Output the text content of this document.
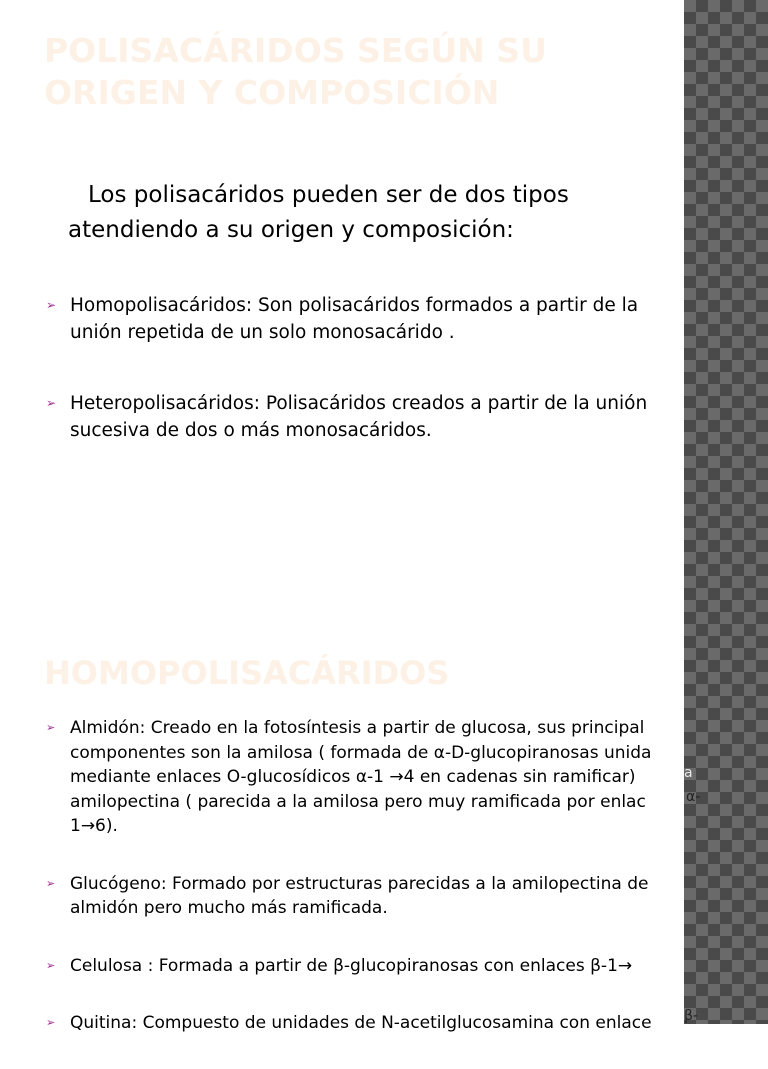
POLISACÁRIDOS SEGÚN SU ORIGEN Y COMPOSICIÓN

Los polisacáridos pueden ser de dos tipos atendiendo a su origen y composición:

➢ Homopolisacáridos: Son polisacáridos formados a partir de la unión repetida de un solo monosacárido .
➢ Heteropolisacáridos: Polisacáridos creados a partir de la unión sucesiva de dos o más monosacáridos.
HOMOPOLISACÁRIDOS
➢ Almidón: Creado en la fotosíntesis a partir de glucosa, sus principal componentes son la amilosa ( formada de α-D-glucopiranosas unida mediante enlaces O-glucosídicos α-1 →4 en cadenas sin ramificar) amilopectina ( parecida a la amilosa pero muy ramificada por enlac 1→6).
➢ Glucógeno: Formado por estructuras parecidas a la amilopectina de almidón pero mucho más ramificada.
➢ Celulosa : Formada a partir de β-glucopiranosas con enlaces β-1→
➢ Quitina: Compuesto de unidades de N-acetilglucosamina con enlace
a
α-
β-
